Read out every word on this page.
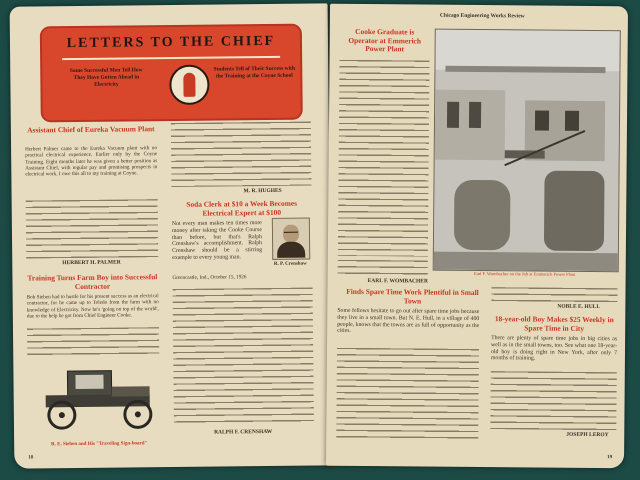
LETTERS TO THE CHIEF
Some Successful Men Tell How They Have Gotten Ahead in Electricity
Students Tell of Their Success with the Training at the Coyne School
Assistant Chief of Eureka Vacuum Plant
Herbert Palmer came to the Eureka Vacuum plant with no practical electrical experience. Earlier only by the Coyne Training. Eight months later he was given a better position as Assistant Chief, with regular pay and promising prospects in electrical work. I owe this all to my training at Coyne.
HERBERT H. PALMER
M. R. HUGHES
Soda Clerk at $10 a Week Becomes Electrical Expert at $100
Not every man makes ten times more money after taking the Cooke Course than before, but that's Ralph Crenshaw's accomplishment. Ralph Crenshaw should be a stirring example to every young man.
R. P. Crenshaw
Greencastle, Ind., October 15, 1926
RALPH F. CRENSHAW
Training Turns Farm Boy into Successful Contractor
Bob Sieben had to hustle for his present success as an electrical contractor, for he came up to Toledo from the farm with no knowledge of Electricity. Now he's 'going on top of the world', due to the help he got from Chief Engineer Cooke.
R. E. Sieben and His "Traveling Sign-board"
18
Chicago Engineering Works Review
Cooke Graduate is Operator at Emmerich Power Plant
Earl F. Wombacher on the Job at Emmerich Power Plant
EARL F. WOMBACHER
Finds Spare Time Work Plentiful in Small Town
Some fellows hesitate to go out after spare time jobs because they live in a small town. But N. E. Hull, in a village of 400 people, knows that the towns are as full of opportunity as the cities.
NOBLE E. HULL
18-year-old Boy Makes $25 Weekly in Spare Time in City
There are plenty of spare time jobs in big cities as well as in the small towns, too. See what one 18-year-old boy is doing right in New York, after only 7 months of training.
JOSEPH LEROY
19
